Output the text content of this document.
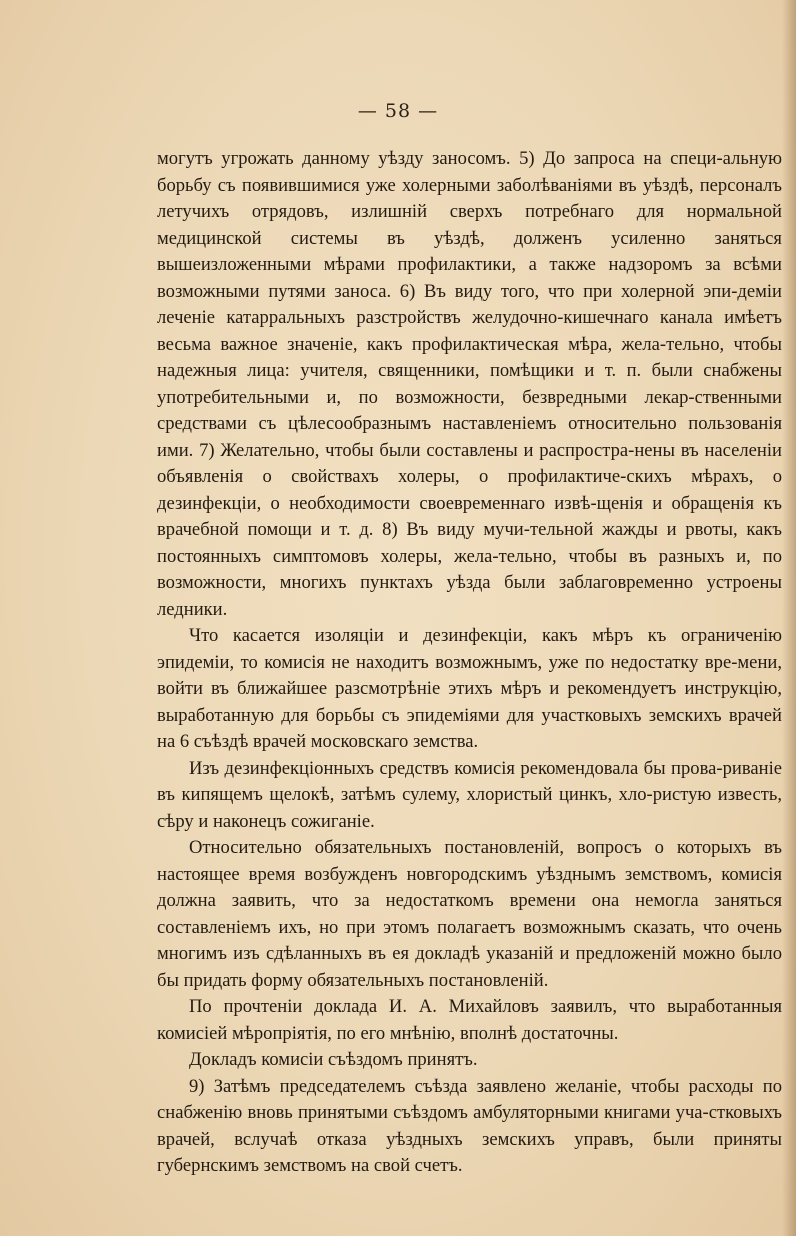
— 58 —

могутъ угрожать данному уѣзду заносомъ. 5) До запроса на специ-альную борьбу съ появившимися уже холерными заболѣваніями въ уѣздѣ, персоналъ летучихъ отрядовъ, излишній сверхъ потребнаго для нормальной медицинской системы въ уѣздѣ, долженъ усиленно заняться вышеизложенными мѣрами профилактики, а также надзоромъ за всѣми возможными путями заноса. 6) Въ виду того, что при холерной эпи-деміи леченіе катарральныхъ разстройствъ желудочно-кишечнаго канала имѣетъ весьма важное значеніе, какъ профилактическая мѣра, жела-тельно, чтобы надежныя лица: учителя, священники, помѣщики и т. п. были снабжены употребительными и, по возможности, безвредными лекар-ственными средствами съ цѣлесообразнымъ наставленіемъ относительно пользованія ими. 7) Желательно, чтобы были составлены и распростра-нены въ населеніи объявленія о свойствахъ холеры, о профилактиче-скихъ мѣрахъ, о дезинфекціи, о необходимости своевременнаго извѣ-щенія и обращенія къ врачебной помощи и т. д. 8) Въ виду мучи-тельной жажды и рвоты, какъ постоянныхъ симптомовъ холеры, жела-тельно, чтобы въ разныхъ и, по возможности, многихъ пунктахъ уѣзда были заблаговременно устроены ледники.

Что касается изоляціи и дезинфекціи, какъ мѣръ къ ограниченію эпидеміи, то комисія не находитъ возможнымъ, уже по недостатку вре-мени, войти въ ближайшее разсмотрѣніе этихъ мѣръ и рекомендуетъ инструкцію, выработанную для борьбы съ эпидеміями для участковыхъ земскихъ врачей на 6 съѣздѣ врачей московскаго земства.

Изъ дезинфекціонныхъ средствъ комисія рекомендовала бы прова-риваніе въ кипящемъ щелокѣ, затѣмъ сулему, хлористый цинкъ, хло-ристую известь, сѣру и наконецъ сожиганіе.

Относительно обязательныхъ постановленій, вопросъ о которыхъ въ настоящее время возбужденъ новгородскимъ уѣзднымъ земствомъ, комисія должна заявить, что за недостаткомъ времени она немогла заняться составленіемъ ихъ, но при этомъ полагаетъ возможнымъ сказать, что очень многимъ изъ сдѣланныхъ въ ея докладѣ указаній и предложеній можно было бы придать форму обязательныхъ постановленій.

По прочтеніи доклада И. А. Михайловъ заявилъ, что выработанныя комисіей мѣропріятія, по его мнѣнію, вполнѣ достаточны.

Докладъ комисіи съѣздомъ принятъ.

9) Затѣмъ председателемъ съѣзда заявлено желаніе, чтобы расходы по снабженію вновь принятыми съѣздомъ амбуляторными книгами уча-стковыхъ врачей, вслучаѣ отказа уѣздныхъ земскихъ управъ, были приняты губернскимъ земствомъ на свой счетъ.
